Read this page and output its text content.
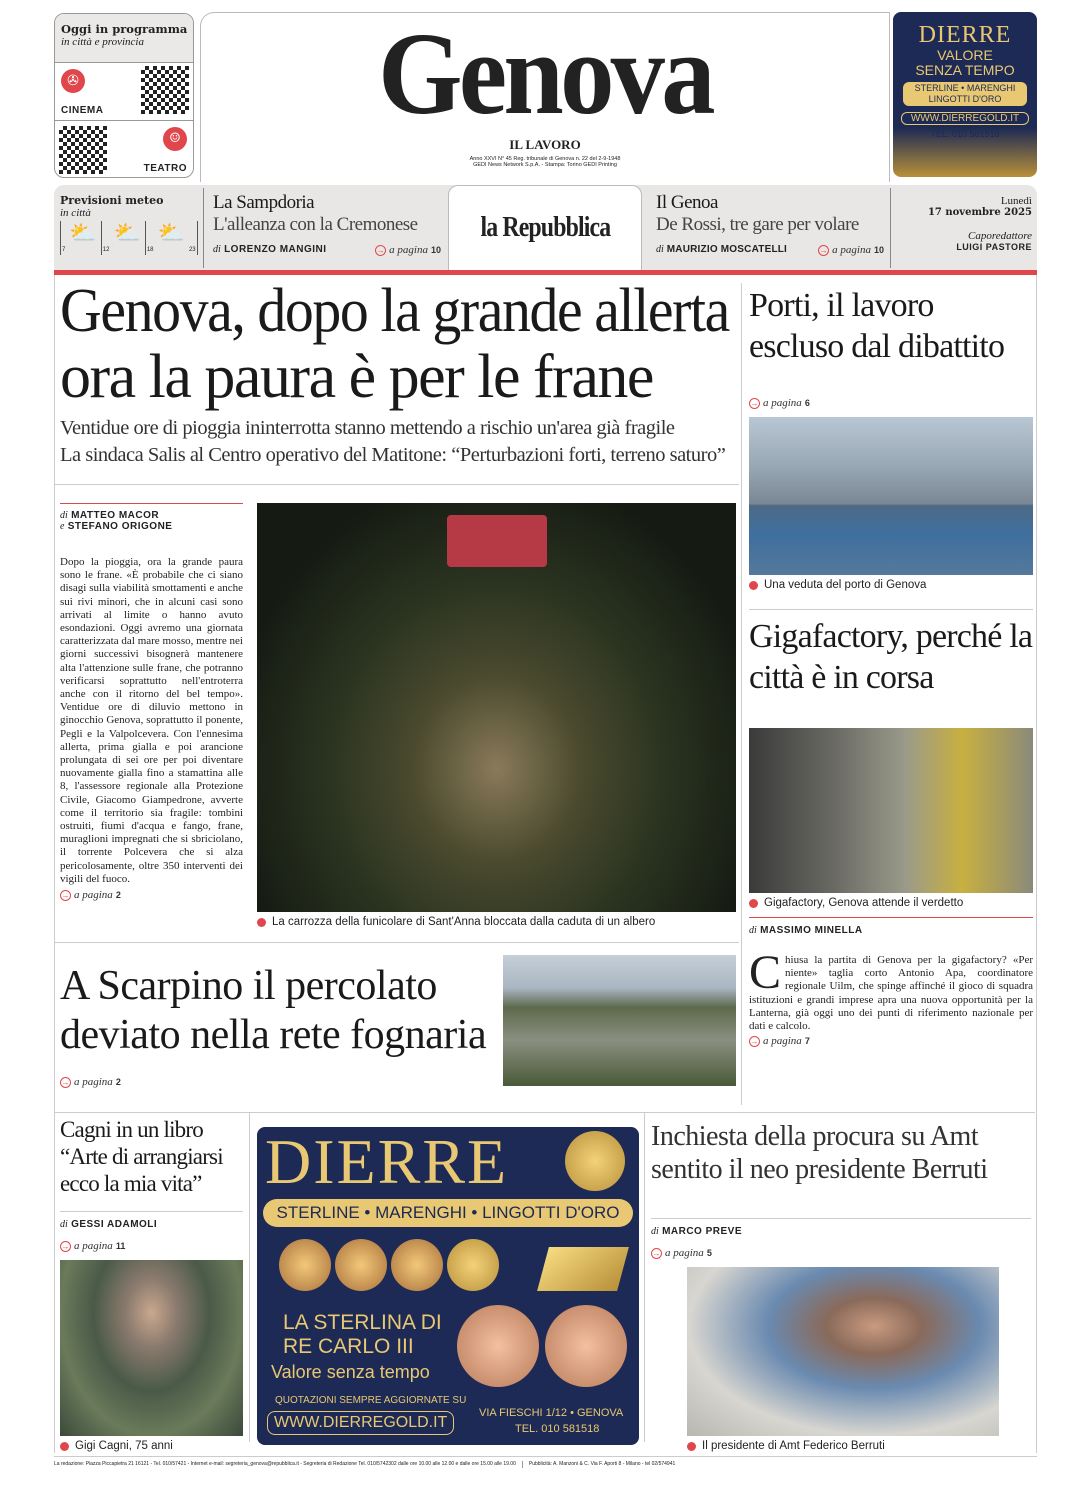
Oggi in programma
in città e provincia
✇
CINEMA
☺
TEATRO
Genova
IL LAVORO
Anno XXVI N° 45 Reg. tribunale di Genova n. 22 del 2-9-1948
GEDI News Network S.p.A. - Stampa: Torino GEDI Printing
DIERRE
VALORE
SENZA TEMPO
STERLINE • MARENGHI
LINGOTTI D'ORO
WWW.DIERREGOLD.IT
TEL. 010 581518
Previsioni meteo
in città
7
⛅
12
⛅
18
⛅
23
La Sampdoria
L'alleanza con la Cremonese
di LORENZO MANGINI	→ a pagina 10
la Repubblica
Il Genoa
De Rossi, tre gare per volare
di MAURIZIO MOSCATELLI	→ a pagina 10
Lunedì
17 novembre 2025
Caporedattore
LUIGI PASTORE
Genova, dopo la grande allerta
ora la paura è per le frane
Ventidue ore di pioggia ininterrotta stanno mettendo a rischio un'area già fragile
La sindaca Salis al Centro operativo del Matitone: “Perturbazioni forti, terreno saturo”
di MATTEO MACOR
e STEFANO ORIGONE
Dopo la pioggia, ora la grande paura sono le frane. «È probabile che ci siano disagi sulla viabilità smottamenti e anche sui rivi minori, che in alcuni casi sono arrivati al limite o hanno avuto esondazioni. Oggi avremo una giornata caratterizzata dal mare mosso, mentre nei giorni successivi bisognerà mantenere alta l'attenzione sulle frane, che potranno verificarsi soprattutto nell'entroterra anche con il ritorno del bel tempo». Ventidue ore di diluvio mettono in ginocchio Genova, soprattutto il ponente, Pegli e la Valpolcevera. Con l'ennesima allerta, prima gialla e poi arancione prolungata di sei ore per poi diventare nuovamente gialla fino a stamattina alle 8, l'assessore regionale alla Protezione Civile, Giacomo Giampedrone, avverte come il territorio sia fragile: tombini ostruiti, fiumi d'acqua e fango, frane, muraglioni impregnati che si sbriciolano, il torrente Polcevera che si alza pericolosamente, oltre 350 interventi dei vigili del fuoco.
→ a pagina 2
La carrozza della funicolare di Sant'Anna bloccata dalla caduta di un albero
Porti, il lavoro escluso dal dibattito
→ a pagina 6
Una veduta del porto di Genova
Gigafactory, perché la città è in corsa
Gigafactory, Genova attende il verdetto
di MASSIMO MINELLA
Chiusa la partita di Genova per la gigafactory? «Per niente» taglia corto Antonio Apa, coordinatore regionale Uilm, che spinge affinché il gioco di squadra istituzioni e grandi imprese apra una nuova opportunità per la Lanterna, già oggi uno dei punti di riferimento nazionale per dati e calcolo.
→ a pagina 7
A Scarpino il percolato
deviato nella rete fognaria
→ a pagina 2
Cagni in un libro “Arte di arrangiarsi ecco la mia vita”
di GESSI ADAMOLI
→ a pagina 11
Gigi Cagni, 75 anni
DIERRE
STERLINE • MARENGHI • LINGOTTI D'ORO
LA STERLINA DI
RE CARLO III
Valore senza tempo
QUOTAZIONI SEMPRE AGGIORNATE SU
WWW.DIERREGOLD.IT
VIA FIESCHI 1/12 • GENOVA
TEL. 010 581518
Inchiesta della procura su Amt
sentito il neo presidente Berruti
di MARCO PREVE
→ a pagina 5
Il presidente di Amt Federico Berruti
La redazione: Piazza Piccapietra 21 16121 - Tel. 010/57421 - Internet e-mail: segreteria_genova@repubblica.it - Segreteria di Redazione Tel. 010/5742302 dalle ore 10.00 alle 12.00 e dalle ore 15.00 alle 19.00	Pubblicità: A. Manzoni & C. Via F. Aporti 8 - Milano - tel 02/574941
